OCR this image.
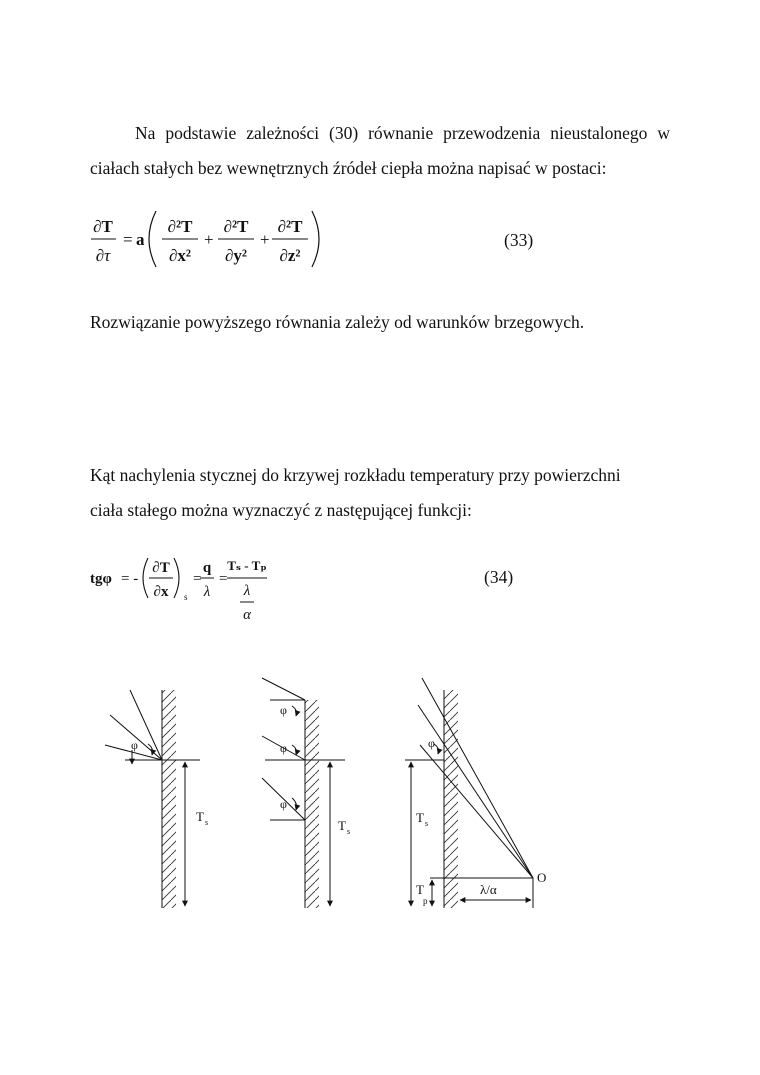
Na podstawie zależności (30) równanie przewodzenia nieustalonego w
ciałach stałych bez wewnętrznych źródeł ciepła można napisać w postaci:
∂T
∂τ
= a
∂²T
∂x²
+
∂²T
∂y²
+
∂²T
∂z²
(33)
Rozwiązanie powyższego równania zależy od warunków brzegowych.
Kąt nachylenia stycznej do krzywej rozkładu temperatury przy powierzchni
ciała stałego można wyznaczyć z następującej funkcji:
tgφ = -
∂T
∂x s
=
q
λ
=
Tₛ - Tₚ
λ
α
(34)
φ
T s
φ
φ
φ
T s
φ
T s
T
p
λ/α
O
